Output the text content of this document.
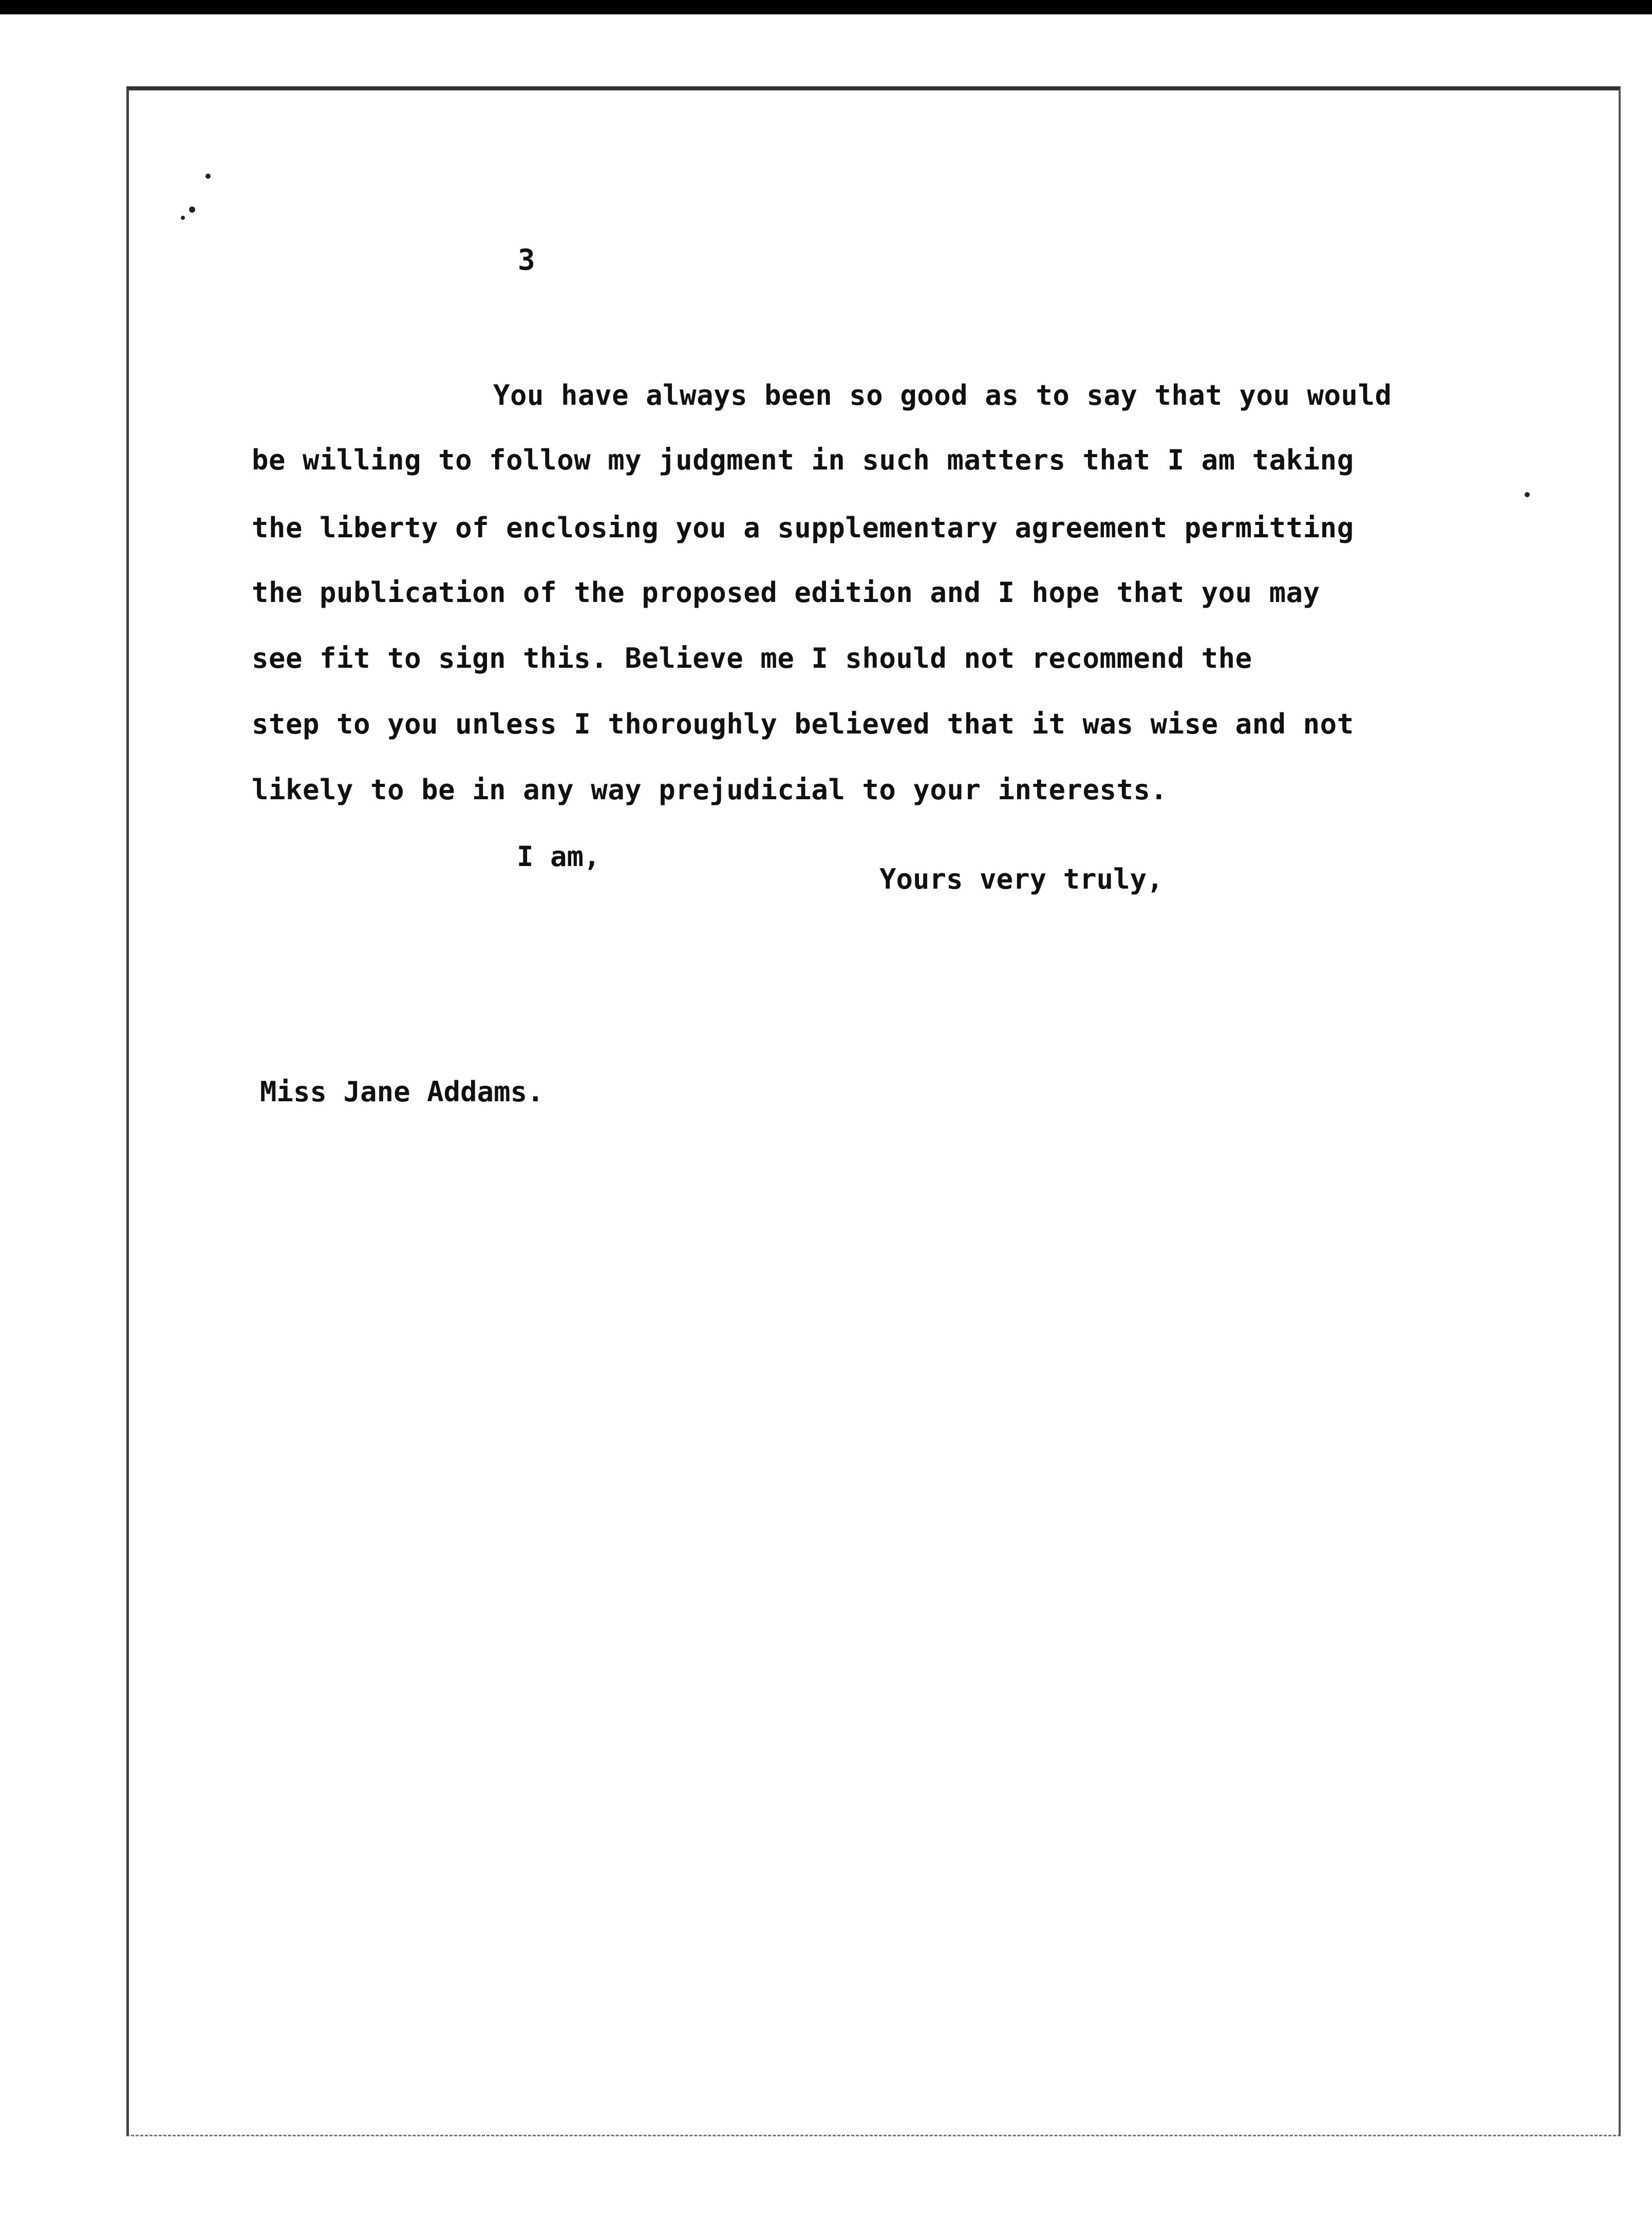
3
You have always been so good as to say that you would
be willing to follow my judgment in such matters that I am taking
the liberty of enclosing you a supplementary agreement permitting
the publication of the proposed edition and I hope that you may
see fit to sign this. Believe me I should not recommend the
step to you unless I thoroughly believed that it was wise and not
likely to be in any way prejudicial to your interests.
I am,
Yours very truly,
Miss Jane Addams.
